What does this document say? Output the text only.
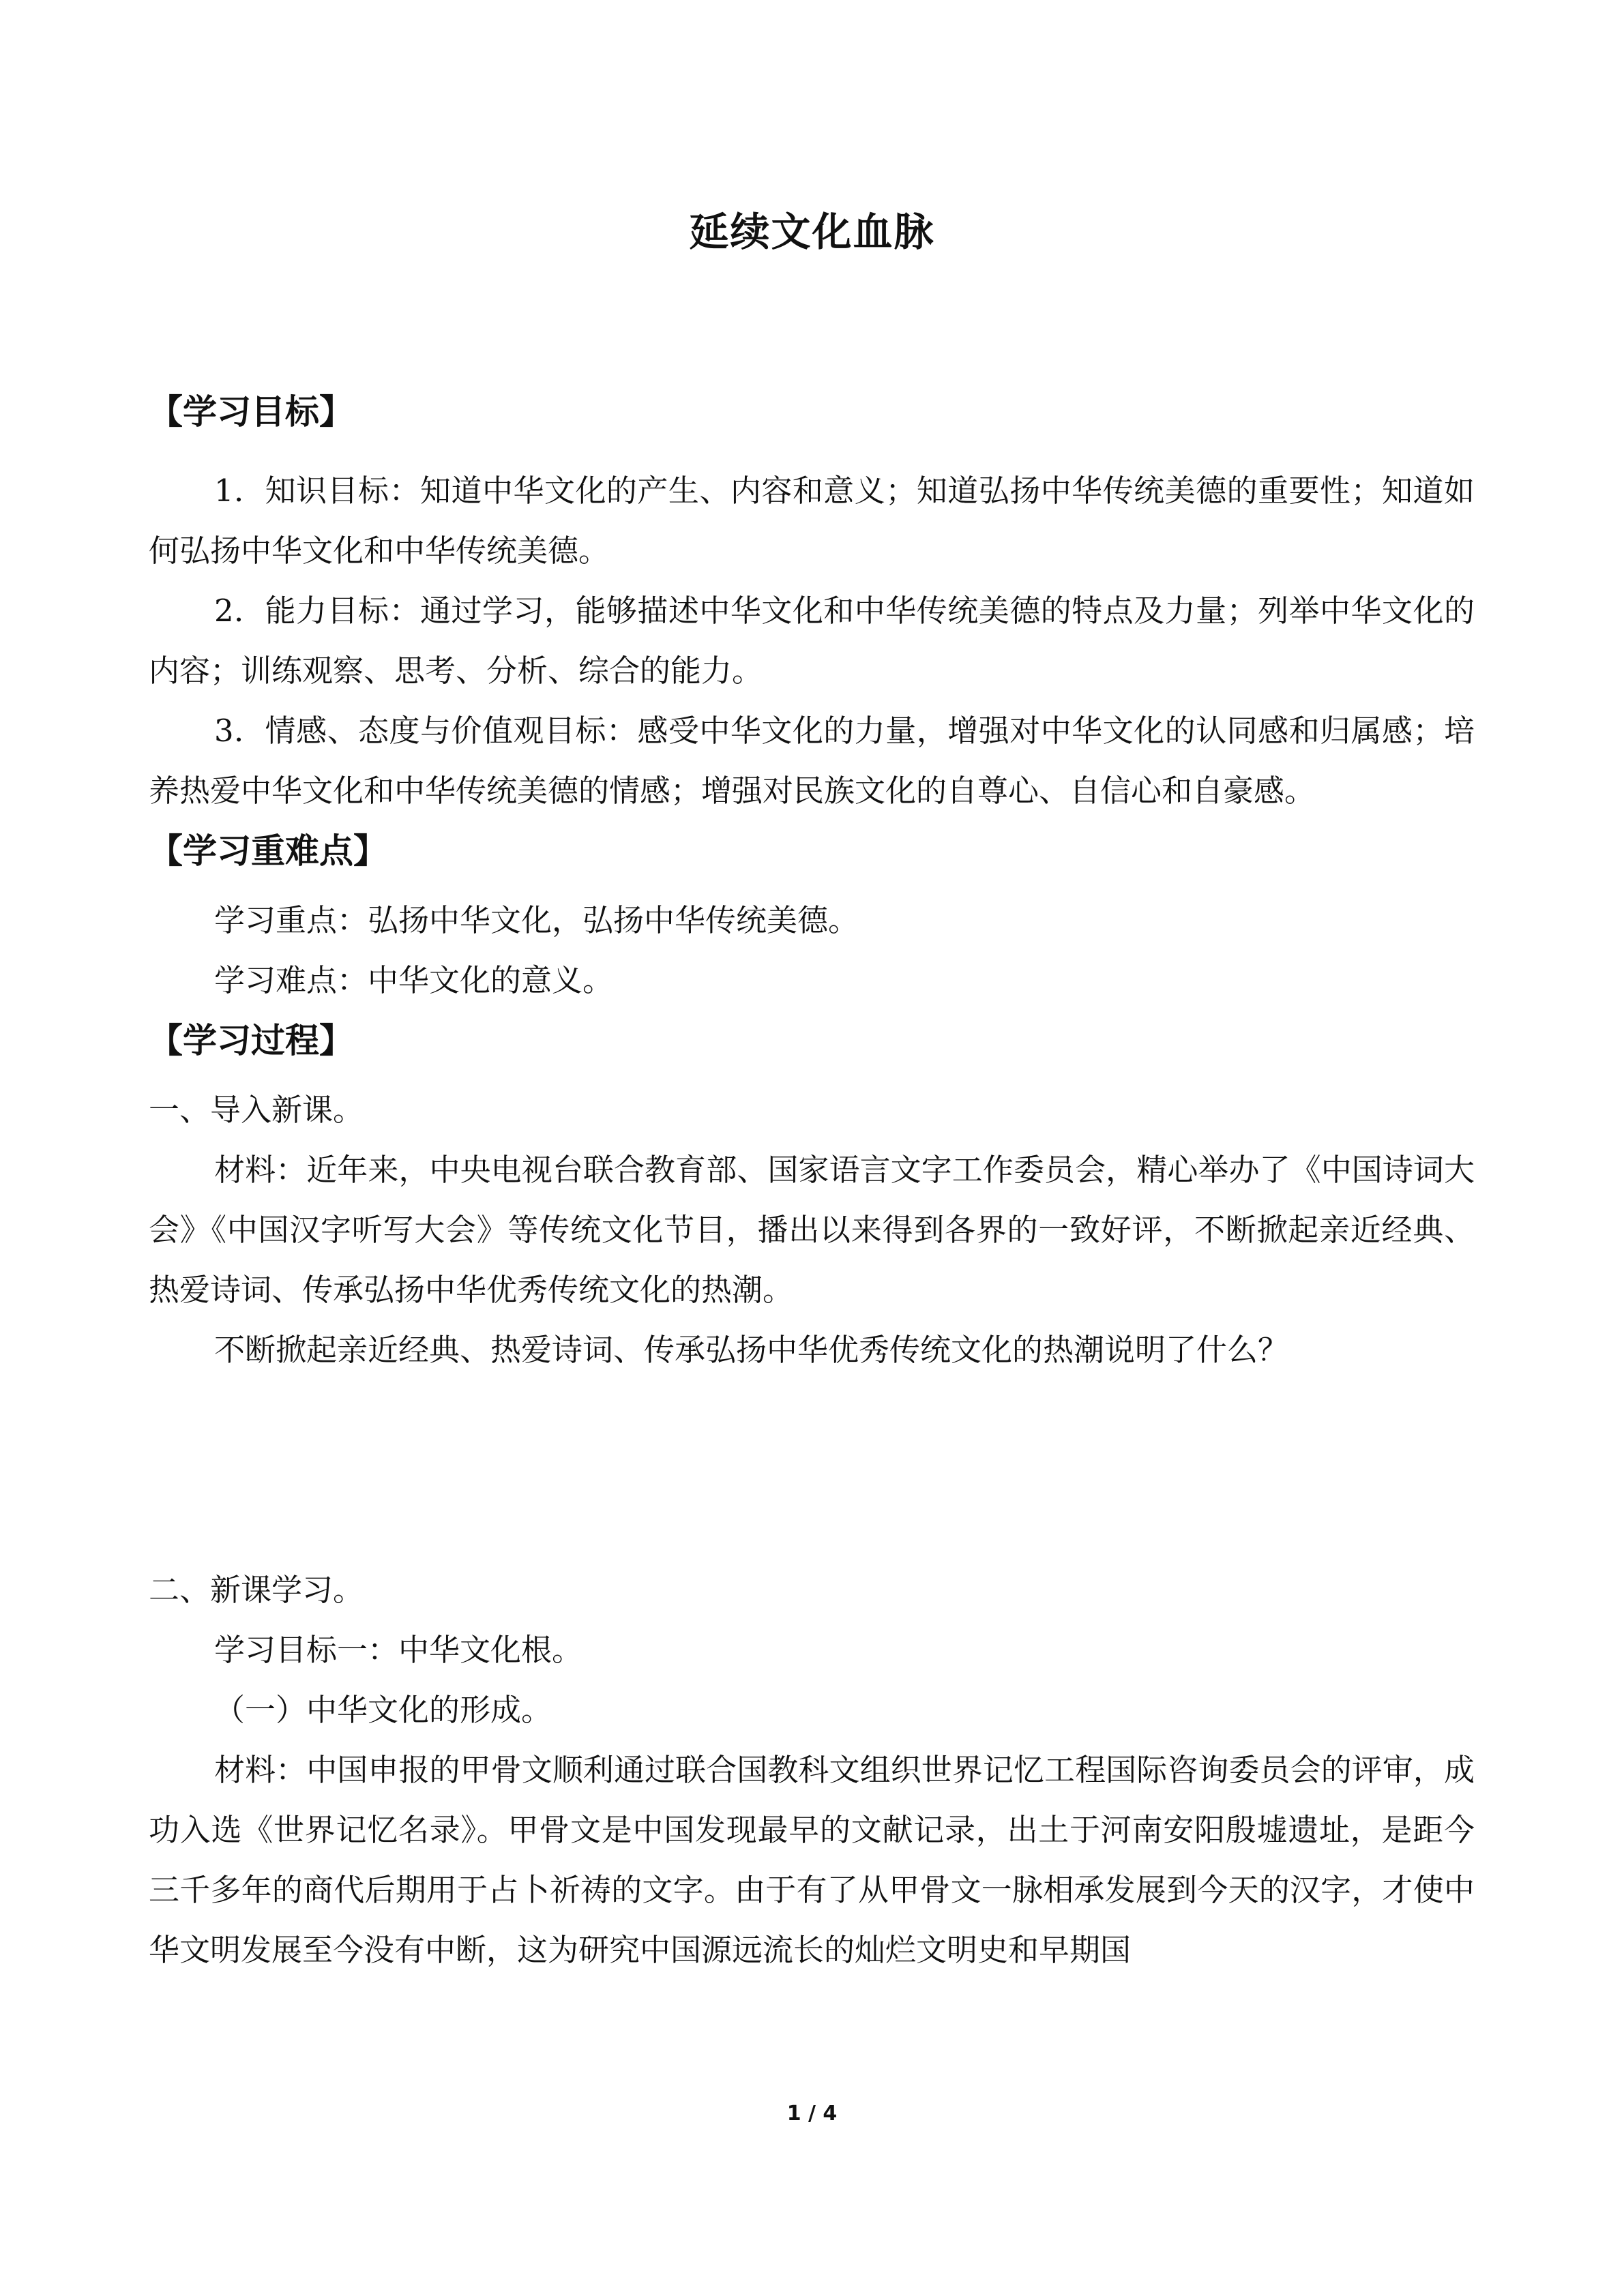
延续文化血脉
【学习目标】

1．知识目标：知道中华文化的产生、内容和意义；知道弘扬中华传统美德的重要性；知道如何弘扬中华文化和中华传统美德。

2．能力目标：通过学习，能够描述中华文化和中华传统美德的特点及力量；列举中华文化的内容；训练观察、思考、分析、综合的能力。

3．情感、态度与价值观目标：感受中华文化的力量，增强对中华文化的认同感和归属感；培养热爱中华文化和中华传统美德的情感；增强对民族文化的自尊心、自信心和自豪感。

【学习重难点】

学习重点：弘扬中华文化，弘扬中华传统美德。

学习难点：中华文化的意义。

【学习过程】

一、导入新课。

材料：近年来，中央电视台联合教育部、国家语言文字工作委员会，精心举办了《中国诗词大会》《中国汉字听写大会》等传统文化节目，播出以来得到各界的一致好评，不断掀起亲近经典、热爱诗词、传承弘扬中华优秀传统文化的热潮。

不断掀起亲近经典、热爱诗词、传承弘扬中华优秀传统文化的热潮说明了什么？

二、新课学习。

学习目标一：中华文化根。

（一）中华文化的形成。

材料：中国申报的甲骨文顺利通过联合国教科文组织世界记忆工程国际咨询委员会的评审，成功入选《世界记忆名录》。甲骨文是中国发现最早的文献记录，出土于河南安阳殷墟遗址，是距今三千多年的商代后期用于占卜祈祷的文字。由于有了从甲骨文一脉相承发展到今天的汉字，才使中华文明发展至今没有中断，这为研究中国源远流长的灿烂文明史和早期国

1 / 4
